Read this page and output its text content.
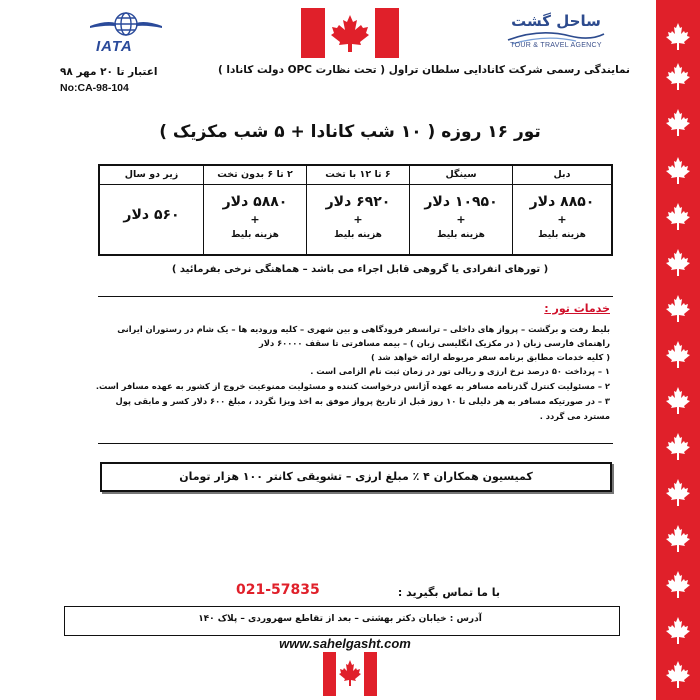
IATA
ساحل گشت
TOUR & TRAVEL AGENCY
نمایندگی رسمی شرکت کانادایی سلطان تراول ( تحت نظارت OPC دولت کانادا )
اعتبار تا ۲۰ مهر ۹۸
No:CA-98-104
تور ۱۶ روزه ( ۱۰ شب کانادا + ۵ شب مکزیک )
زیر دو سال
۵۶۰ دلار
۲ تا ۶ بدون تخت
۵۸۸۰ دلار
+
هزینه بلیط
۶ تا ۱۲ با تخت
۶۹۲۰ دلار
+
هزینه بلیط
سینگل
۱۰۹۵۰ دلار
+
هزینه بلیط
دبل
۸۸۵۰ دلار
+
هزینه بلیط
( تورهای انفرادی یا گروهی قابل اجراء می باشد – هماهنگی نرخی بفرمائید )
خدمات تور :
بلیط رفت و برگشت – پرواز های داخلی – ترانسفر فرودگاهی و بین شهری – کلیه ورودیه ها – یک شام در رستوران ایرانی
راهنمای فارسی زبان ( در مکزیک انگلیسی زبان ) – بیمه مسافرتی تا سقف ۶۰۰۰۰ دلار
( کلیه خدمات مطابق برنامه سفر مربوطه ارائه خواهد شد )
۱ – پرداخت ۵۰ درصد نرخ ارزی و ریالی تور در زمان ثبت نام الزامی است .
۲ – مسئولیت کنترل گذرنامه مسافر به عهده آژانس درخواست کننده و مسئولیت ممنوعیت خروج از کشور به عهده مسافر است.
۳ – در صورتیکه مسافر به هر دلیلی تا ۱۰ روز قبل از تاریخ پرواز موفق به اخذ ویزا نگردد ، مبلغ ۶۰۰ دلار کسر و مابقی پول
مسترد می گردد .
کمیسیون همکاران ۴ ٪ مبلغ ارزی – تشویقی کانتر ۱۰۰ هزار تومان
با ما تماس بگیرید :
021-57835
آدرس : خیابان دکتر بهشتی – بعد از تقاطع سهروردی – پلاک ۱۴۰
www.sahelgasht.com
